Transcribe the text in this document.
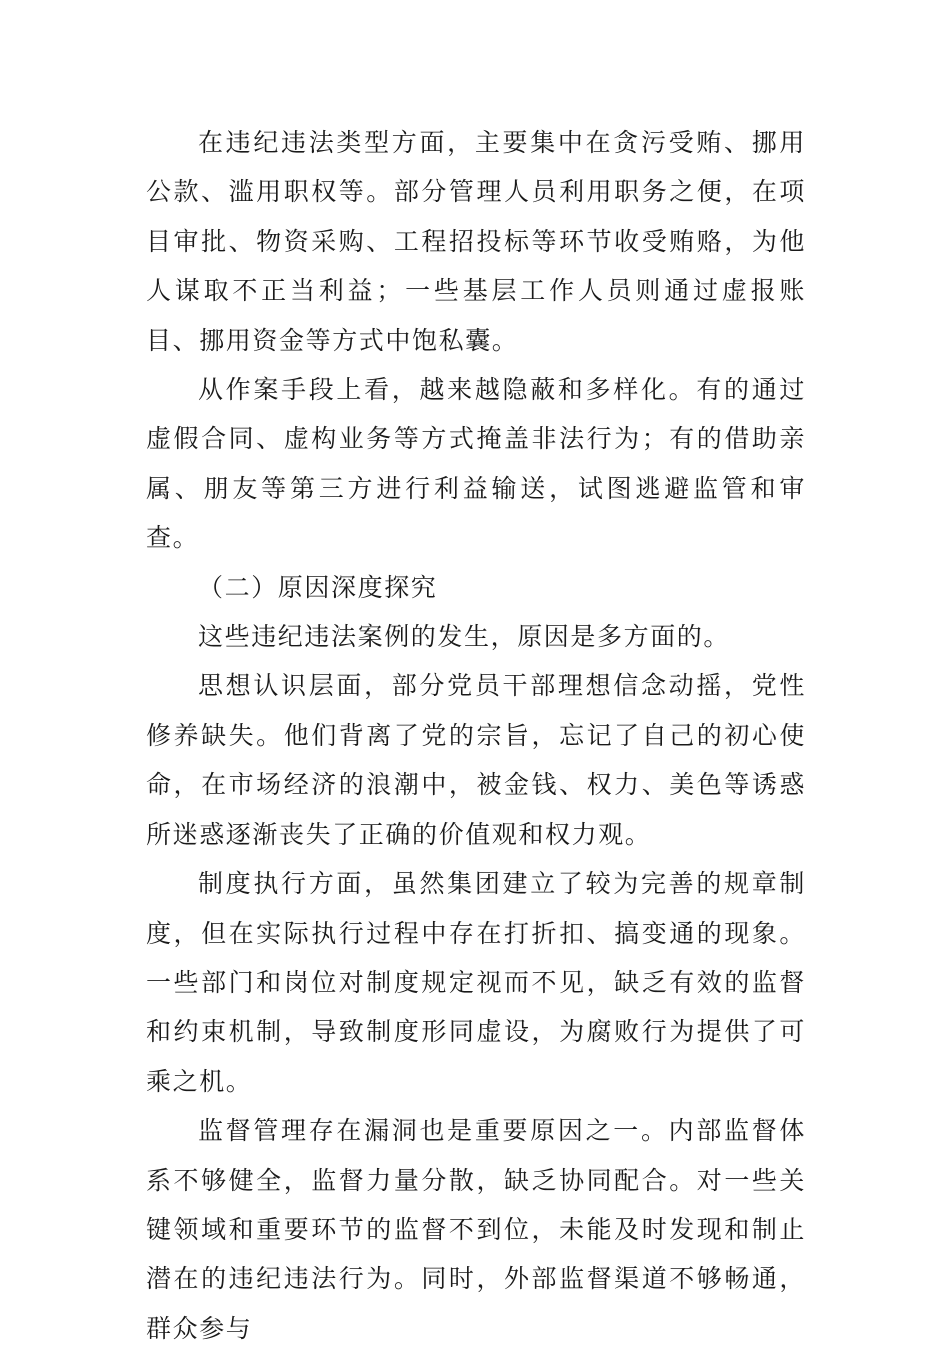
在违纪违法类型方面，主要集中在贪污受贿、挪用公款、滥用职权等。部分管理人员利用职务之便，在项目审批、物资采购、工程招投标等环节收受贿赂，为他人谋取不正当利益；一些基层工作人员则通过虚报账目、挪用资金等方式中饱私囊。

从作案手段上看，越来越隐蔽和多样化。有的通过虚假合同、虚构业务等方式掩盖非法行为；有的借助亲属、朋友等第三方进行利益输送，试图逃避监管和审查。

（二）原因深度探究

这些违纪违法案例的发生，原因是多方面的。

思想认识层面，部分党员干部理想信念动摇，党性修养缺失。他们背离了党的宗旨，忘记了自己的初心使命，在市场经济的浪潮中，被金钱、权力、美色等诱惑所迷惑逐渐丧失了正确的价值观和权力观。

制度执行方面，虽然集团建立了较为完善的规章制度，但在实际执行过程中存在打折扣、搞变通的现象。一些部门和岗位对制度规定视而不见，缺乏有效的监督和约束机制，导致制度形同虚设，为腐败行为提供了可乘之机。

监督管理存在漏洞也是重要原因之一。内部监督体系不够健全，监督力量分散，缺乏协同配合。对一些关键领域和重要环节的监督不到位，未能及时发现和制止潜在的违纪违法行为。同时，外部监督渠道不够畅通，群众参与
